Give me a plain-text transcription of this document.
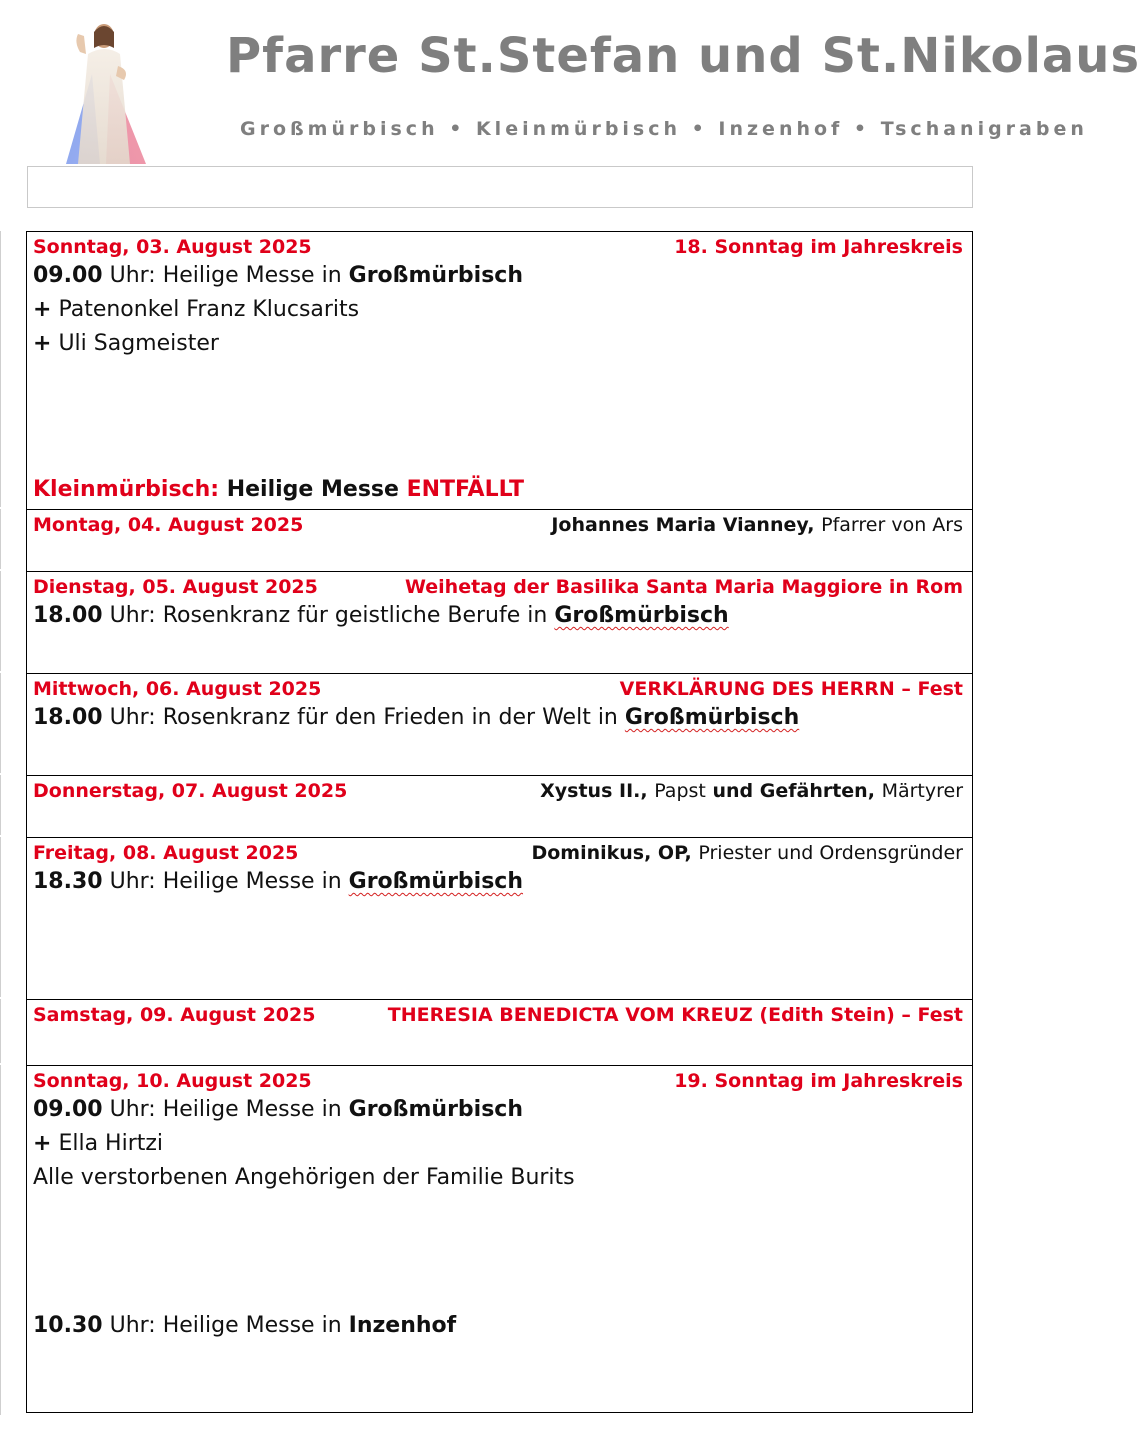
Pfarre St.Stefan und St.Nikolaus
Großmürbisch • Kleinmürbisch • Inzenhof • Tschanigraben
Sonntag, 03. August 2025	18. Sonntag im Jahreskreis
09.00 Uhr: Heilige Messe in Großmürbisch
+ Patenonkel Franz Klucsarits
+ Uli Sagmeister
Kleinmürbisch: Heilige Messe ENTFÄLLT
Montag, 04. August 2025	Johannes Maria Vianney, Pfarrer von Ars
Dienstag, 05. August 2025	Weihetag der Basilika Santa Maria Maggiore in Rom
18.00 Uhr: Rosenkranz für geistliche Berufe in Großmürbisch
Mittwoch, 06. August 2025	VERKLÄRUNG DES HERRN – Fest
18.00 Uhr: Rosenkranz für den Frieden in der Welt in Großmürbisch
Donnerstag, 07. August 2025	Xystus II., Papst und Gefährten, Märtyrer
Freitag, 08. August 2025	Dominikus, OP, Priester und Ordensgründer
18.30 Uhr: Heilige Messe in Großmürbisch
Samstag, 09. August 2025	THERESIA BENEDICTA VOM KREUZ (Edith Stein) – Fest
Sonntag, 10. August 2025	19. Sonntag im Jahreskreis
09.00 Uhr: Heilige Messe in Großmürbisch
+ Ella Hirtzi
Alle verstorbenen Angehörigen der Familie Burits
10.30 Uhr: Heilige Messe in Inzenhof
